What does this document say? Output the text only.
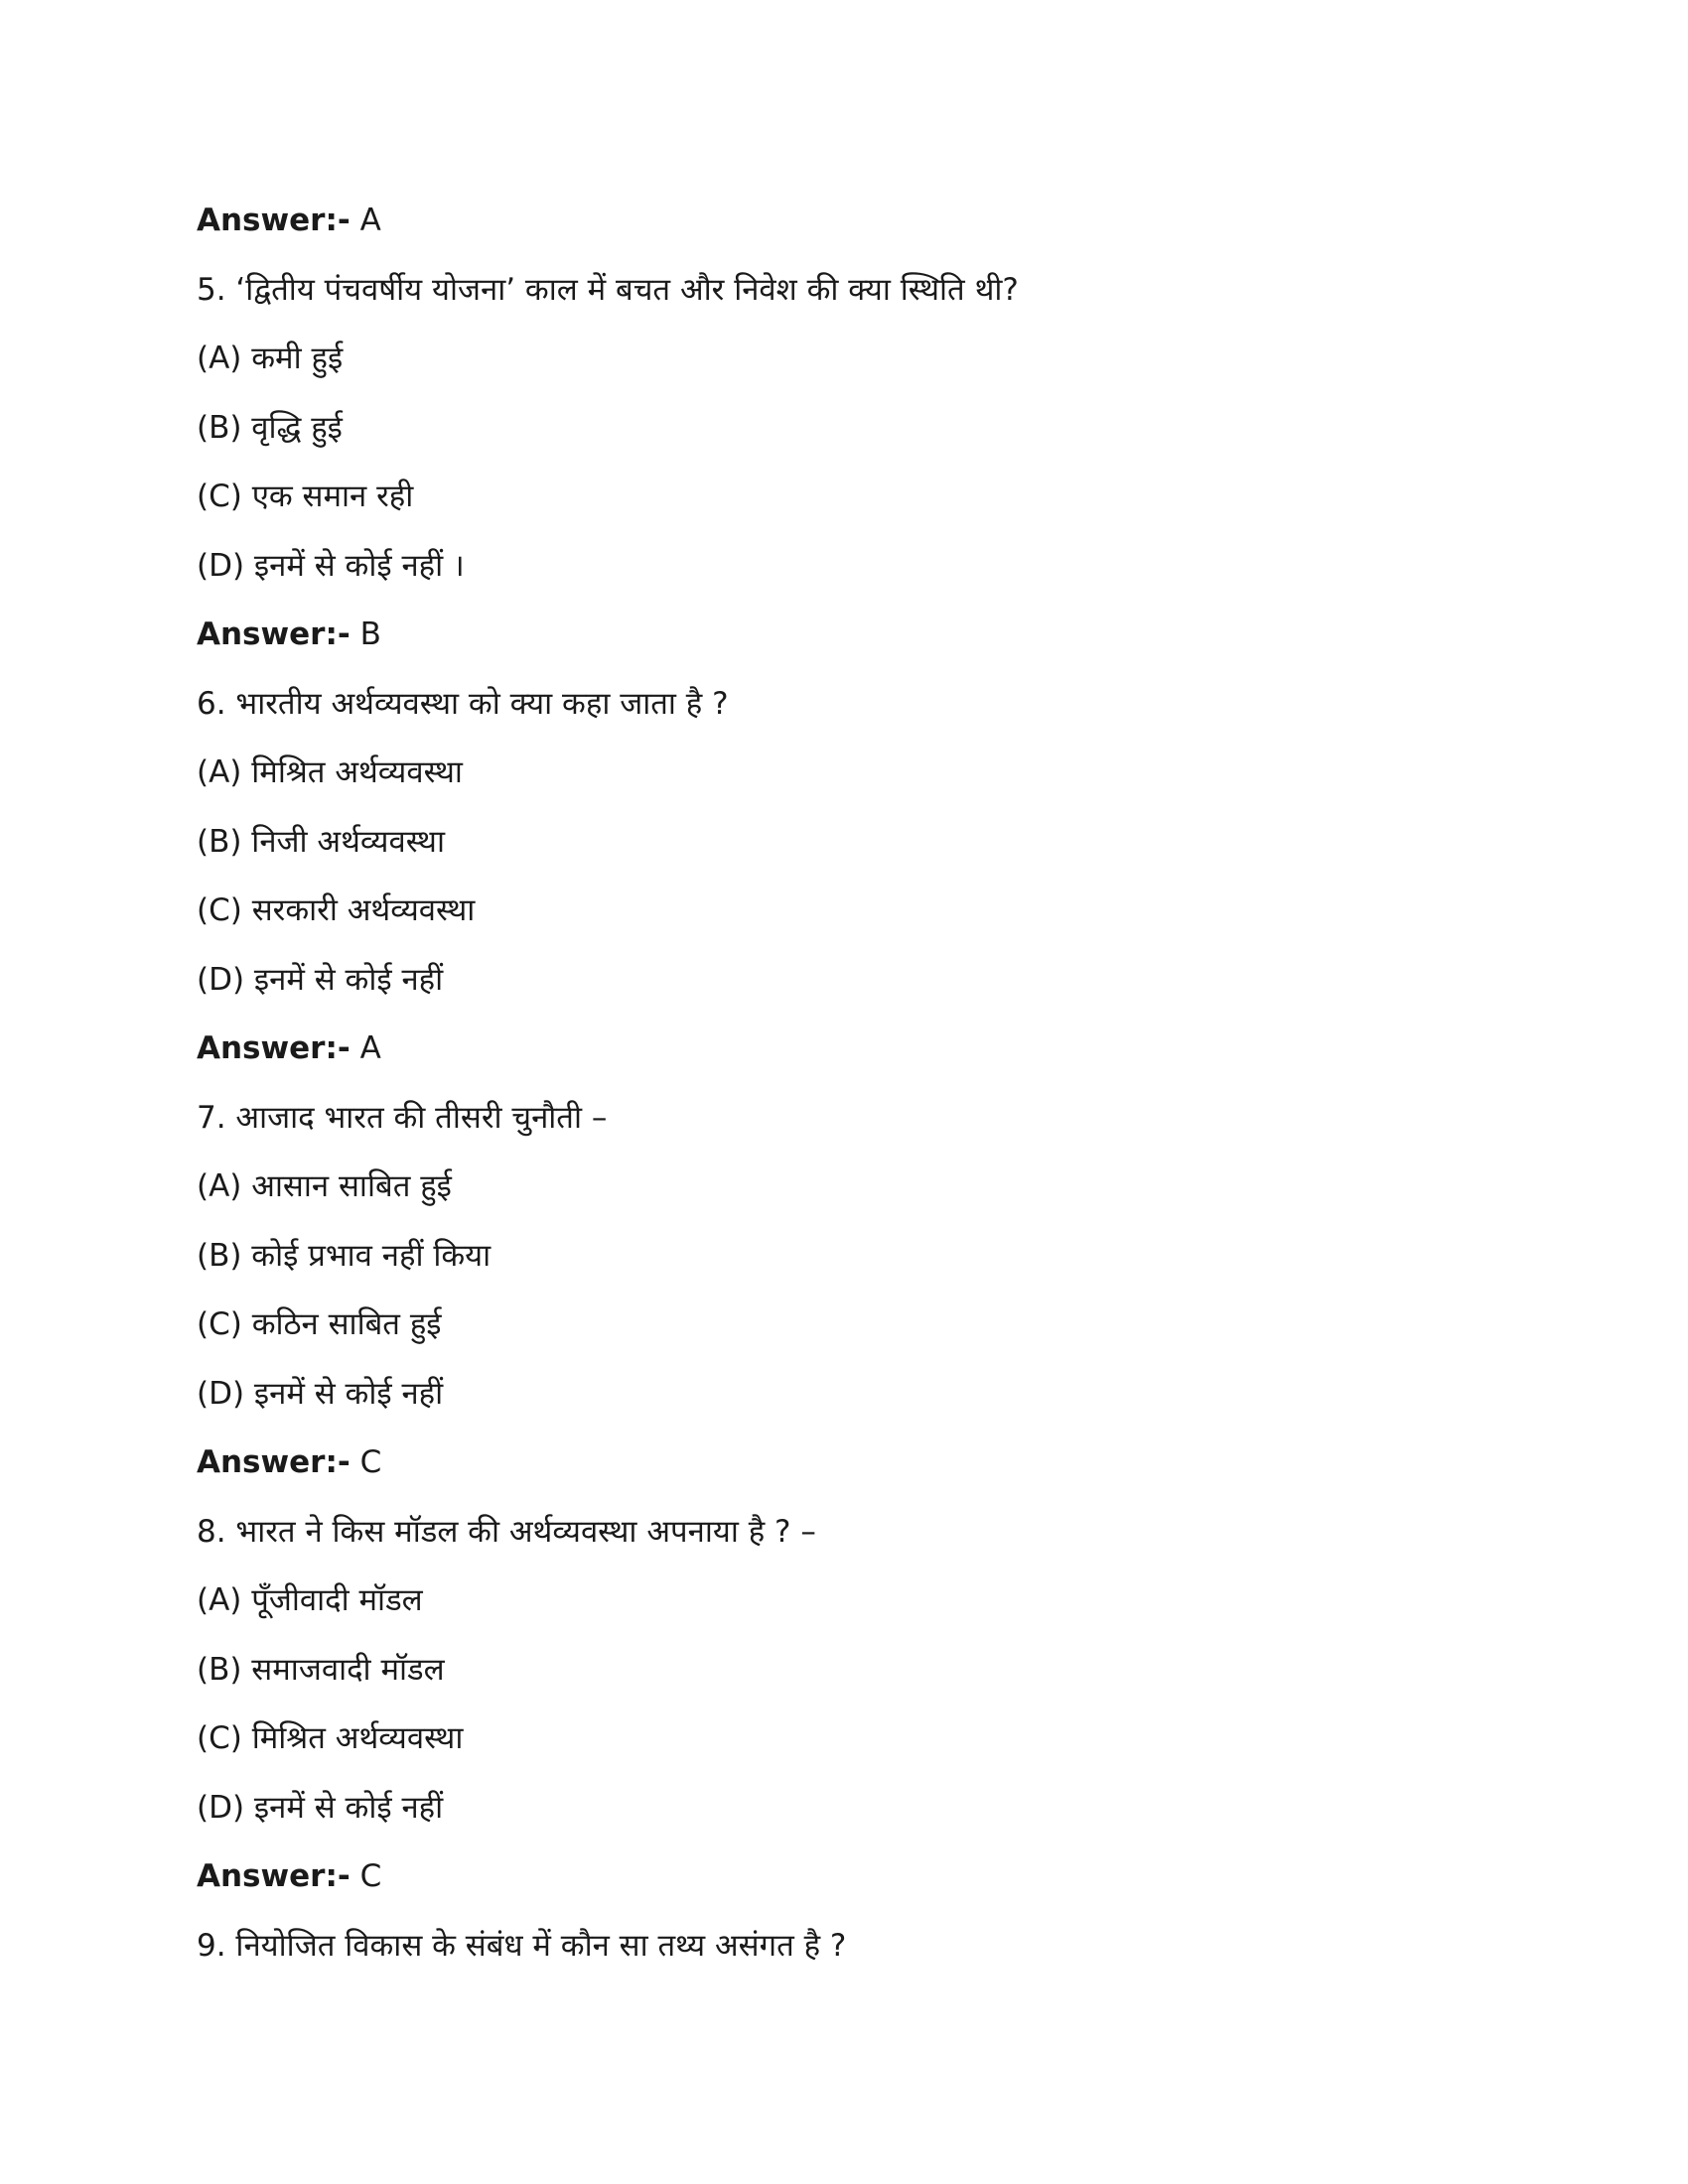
Answer:- A
5. ‘द्वितीय पंचवर्षीय योजना’ काल में बचत और निवेश की क्या स्थिति थी?
(A) कमी हुई
(B) वृद्धि हुई
(C) एक समान रही
(D) इनमें से कोई नहीं ।
Answer:- B
6. भारतीय अर्थव्यवस्था को क्या कहा जाता है ?
(A) मिश्रित अर्थव्यवस्था
(B) निजी अर्थव्यवस्था
(C) सरकारी अर्थव्यवस्था
(D) इनमें से कोई नहीं
Answer:- A
7. आजाद भारत की तीसरी चुनौती –
(A) आसान साबित हुई
(B) कोई प्रभाव नहीं किया
(C) कठिन साबित हुई
(D) इनमें से कोई नहीं
Answer:- C
8. भारत ने किस मॉडल की अर्थव्यवस्था अपनाया है ? –
(A) पूँजीवादी मॉडल
(B) समाजवादी मॉडल
(C) मिश्रित अर्थव्यवस्था
(D) इनमें से कोई नहीं
Answer:- C
9. नियोजित विकास के संबंध में कौन सा तथ्य असंगत है ?
